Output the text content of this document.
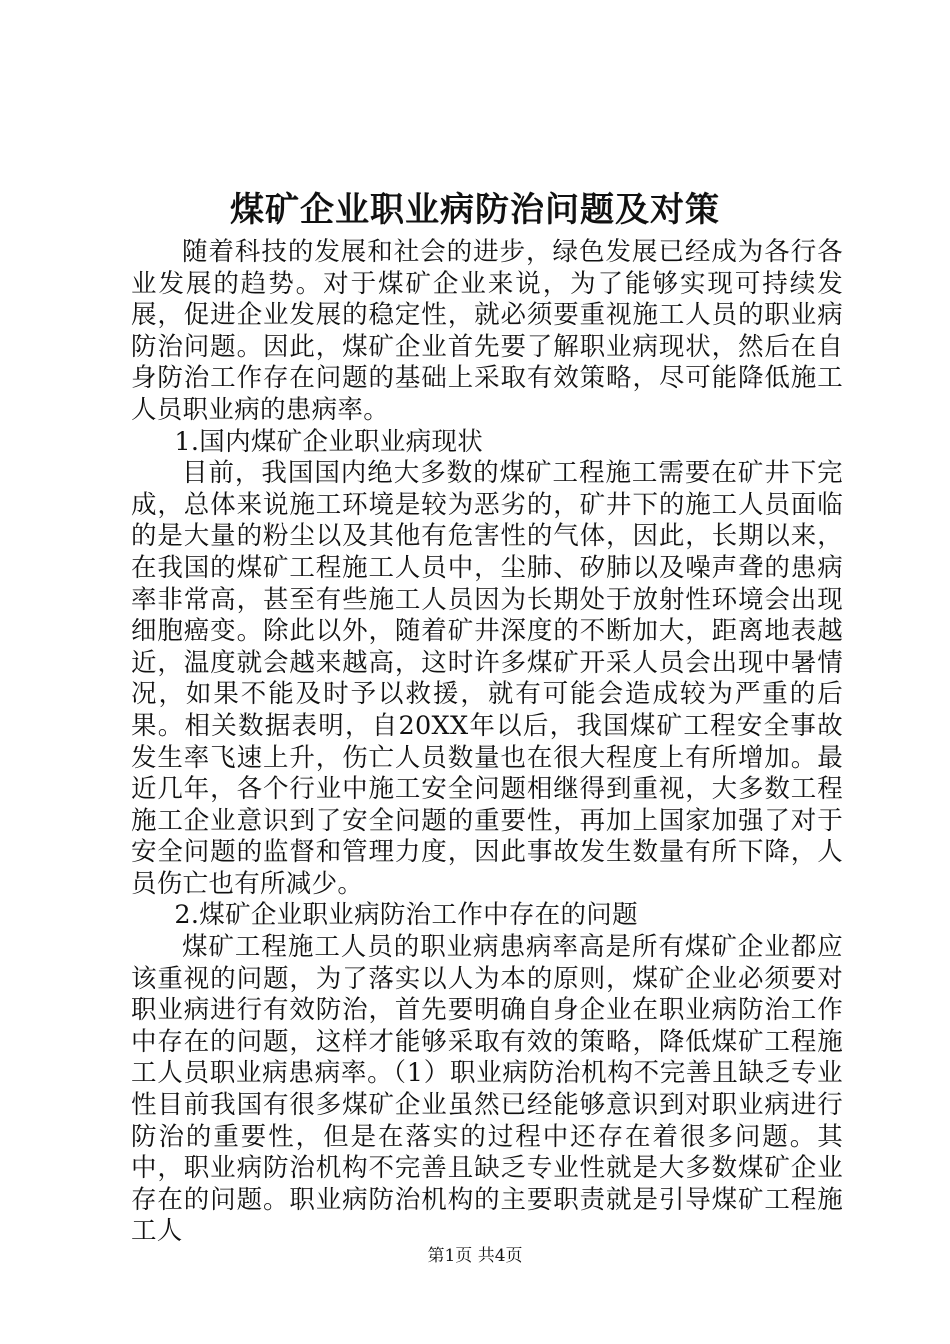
煤矿企业职业病防治问题及对策

随着科技的发展和社会的进步，绿色发展已经成为各行各业发展的趋势。对于煤矿企业来说，为了能够实现可持续发展，促进企业发展的稳定性，就必须要重视施工人员的职业病防治问题。因此，煤矿企业首先要了解职业病现状，然后在自身防治工作存在问题的基础上采取有效策略，尽可能降低施工人员职业病的患病率。

1.国内煤矿企业职业病现状

目前，我国国内绝大多数的煤矿工程施工需要在矿井下完成，总体来说施工环境是较为恶劣的，矿井下的施工人员面临的是大量的粉尘以及其他有危害性的气体，因此，长期以来，在我国的煤矿工程施工人员中，尘肺、矽肺以及噪声聋的患病率非常高，甚至有些施工人员因为长期处于放射性环境会出现细胞癌变。除此以外，随着矿井深度的不断加大，距离地表越近，温度就会越来越高，这时许多煤矿开采人员会出现中暑情况，如果不能及时予以救援，就有可能会造成较为严重的后果。相关数据表明，自20XX年以后，我国煤矿工程安全事故发生率飞速上升，伤亡人员数量也在很大程度上有所增加。最近几年，各个行业中施工安全问题相继得到重视，大多数工程施工企业意识到了安全问题的重要性，再加上国家加强了对于安全问题的监督和管理力度，因此事故发生数量有所下降，人员伤亡也有所减少。

2.煤矿企业职业病防治工作中存在的问题

煤矿工程施工人员的职业病患病率高是所有煤矿企业都应该重视的问题，为了落实以人为本的原则，煤矿企业必须要对职业病进行有效防治，首先要明确自身企业在职业病防治工作中存在的问题，这样才能够采取有效的策略，降低煤矿工程施工人员职业病患病率。（1）职业病防治机构不完善且缺乏专业性目前我国有很多煤矿企业虽然已经能够意识到对职业病进行防治的重要性，但是在落实的过程中还存在着很多问题。其中，职业病防治机构不完善且缺乏专业性就是大多数煤矿企业存在的问题。职业病防治机构的主要职责就是引导煤矿工程施工人

第1页 共4页
